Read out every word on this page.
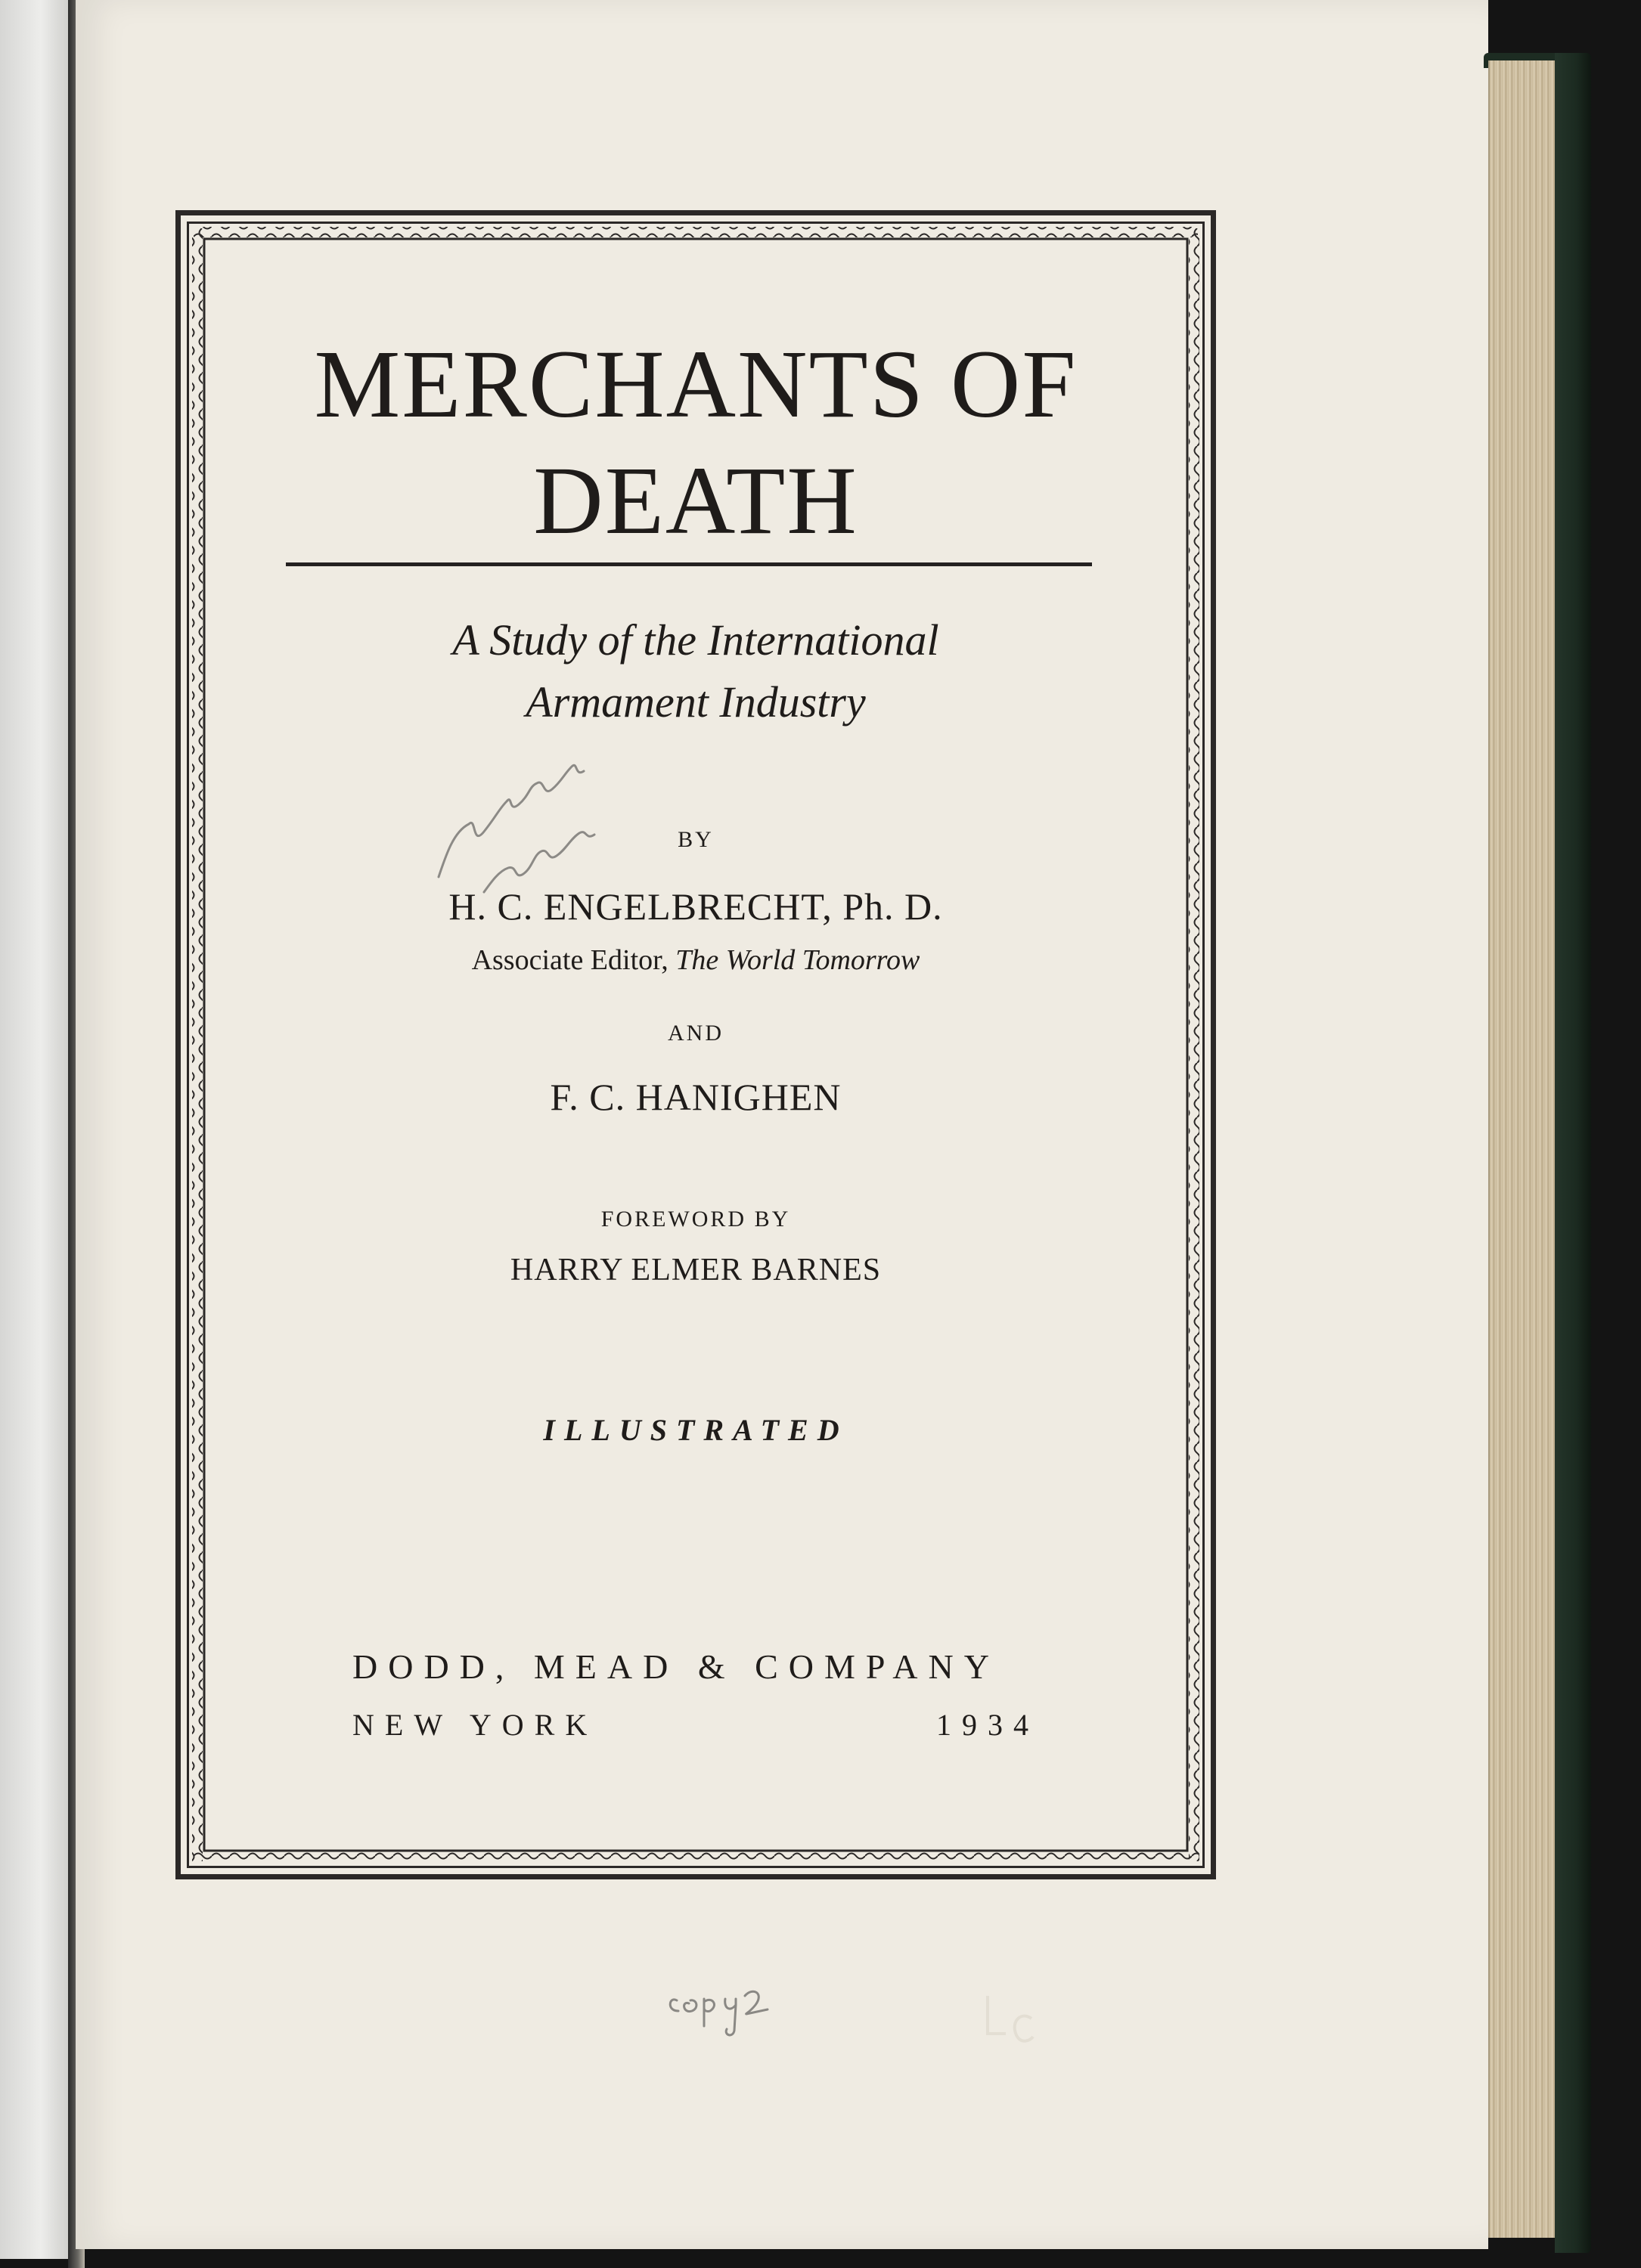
MERCHANTS OF
DEATH
A Study of the International
Armament Industry
BY
H. C. ENGELBRECHT, Ph. D.
Associate Editor, The World Tomorrow
AND
F. C. HANIGHEN
FOREWORD BY
HARRY ELMER BARNES
ILLUSTRATED
DODD, MEAD & COMPANY
NEW YORK	1934
